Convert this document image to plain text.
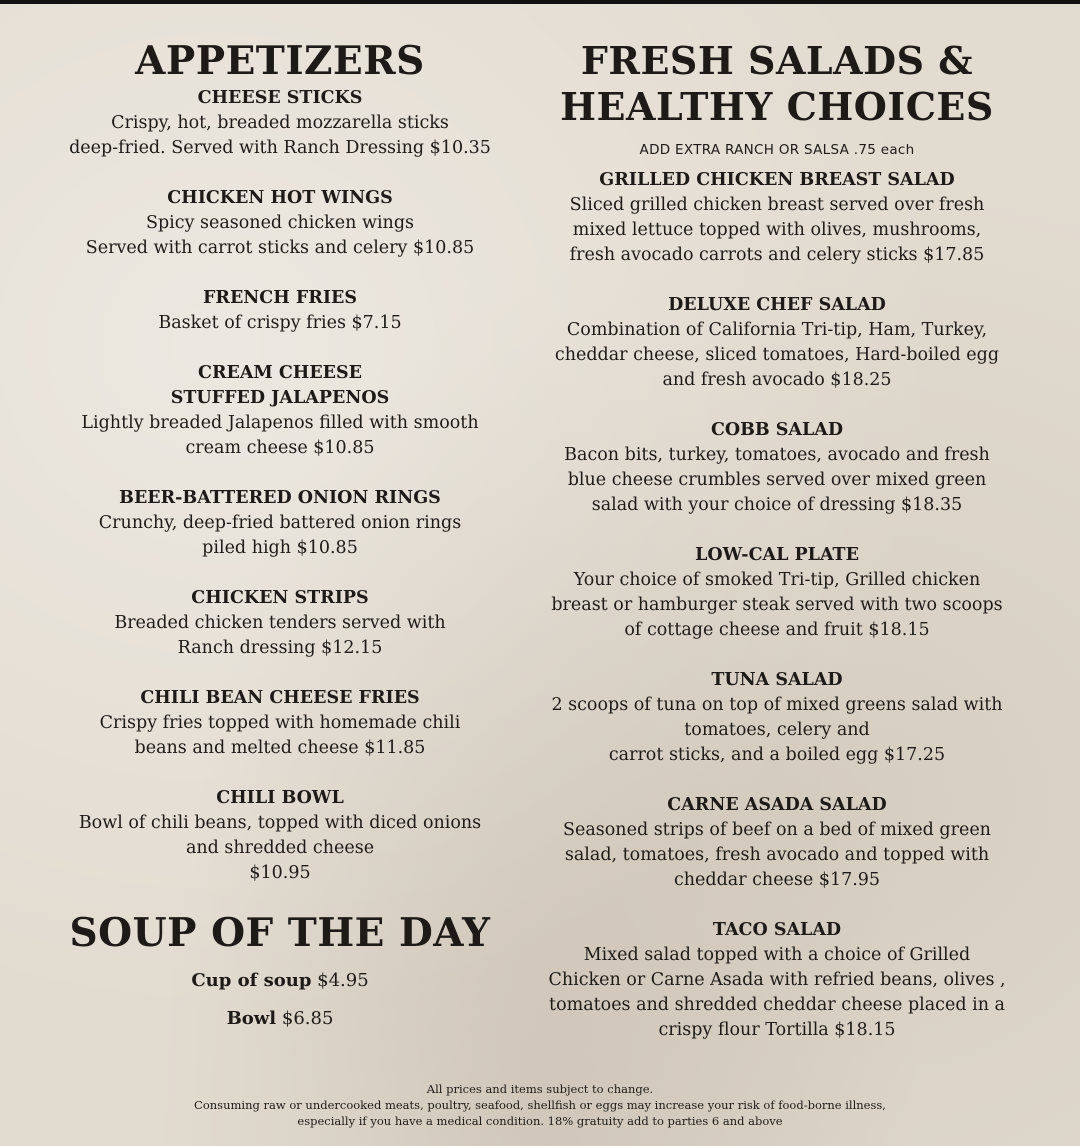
APPETIZERS
CHEESE STICKS
Crispy, hot, breaded mozzarella sticks
deep-fried. Served with Ranch Dressing $10.35
CHICKEN HOT WINGS
Spicy seasoned chicken wings
Served with carrot sticks and celery $10.85
FRENCH FRIES
Basket of crispy fries $7.15
CREAM CHEESE
STUFFED JALAPENOS
Lightly breaded Jalapenos filled with smooth
cream cheese $10.85
BEER-BATTERED ONION RINGS
Crunchy, deep-fried battered onion rings
piled high $10.85
CHICKEN STRIPS
Breaded chicken tenders served with
Ranch dressing $12.15
CHILI BEAN CHEESE FRIES
Crispy fries topped with homemade chili
beans and melted cheese $11.85
CHILI BOWL
Bowl of chili beans, topped with diced onions
and shredded cheese
$10.95
SOUP OF THE DAY
Cup of soup $4.95
Bowl $6.85
FRESH SALADS &
HEALTHY CHOICES
ADD EXTRA RANCH OR SALSA .75 each
GRILLED CHICKEN BREAST SALAD
Sliced grilled chicken breast served over fresh
mixed lettuce topped with olives, mushrooms,
fresh avocado carrots and celery sticks $17.85
DELUXE CHEF SALAD
Combination of California Tri-tip, Ham, Turkey,
cheddar cheese, sliced tomatoes, Hard-boiled egg
and fresh avocado $18.25
COBB SALAD
Bacon bits, turkey, tomatoes, avocado and fresh
blue cheese crumbles served over mixed green
salad with your choice of dressing $18.35
LOW-CAL PLATE
Your choice of smoked Tri-tip, Grilled chicken
breast or hamburger steak served with two scoops
of cottage cheese and fruit $18.15
TUNA SALAD
2 scoops of tuna on top of mixed greens salad with
tomatoes, celery and
carrot sticks, and a boiled egg $17.25
CARNE ASADA SALAD
Seasoned strips of beef on a bed of mixed green
salad, tomatoes, fresh avocado and topped with
cheddar cheese $17.95
TACO SALAD
Mixed salad topped with a choice of Grilled
Chicken or Carne Asada with refried beans, olives ,
tomatoes and shredded cheddar cheese placed in a
crispy flour Tortilla $18.15
All prices and items subject to change.
Consuming raw or undercooked meats, poultry, seafood, shellfish or eggs may increase your risk of food-borne illness,
especially if you have a medical condition. 18% gratuity add to parties 6 and above
